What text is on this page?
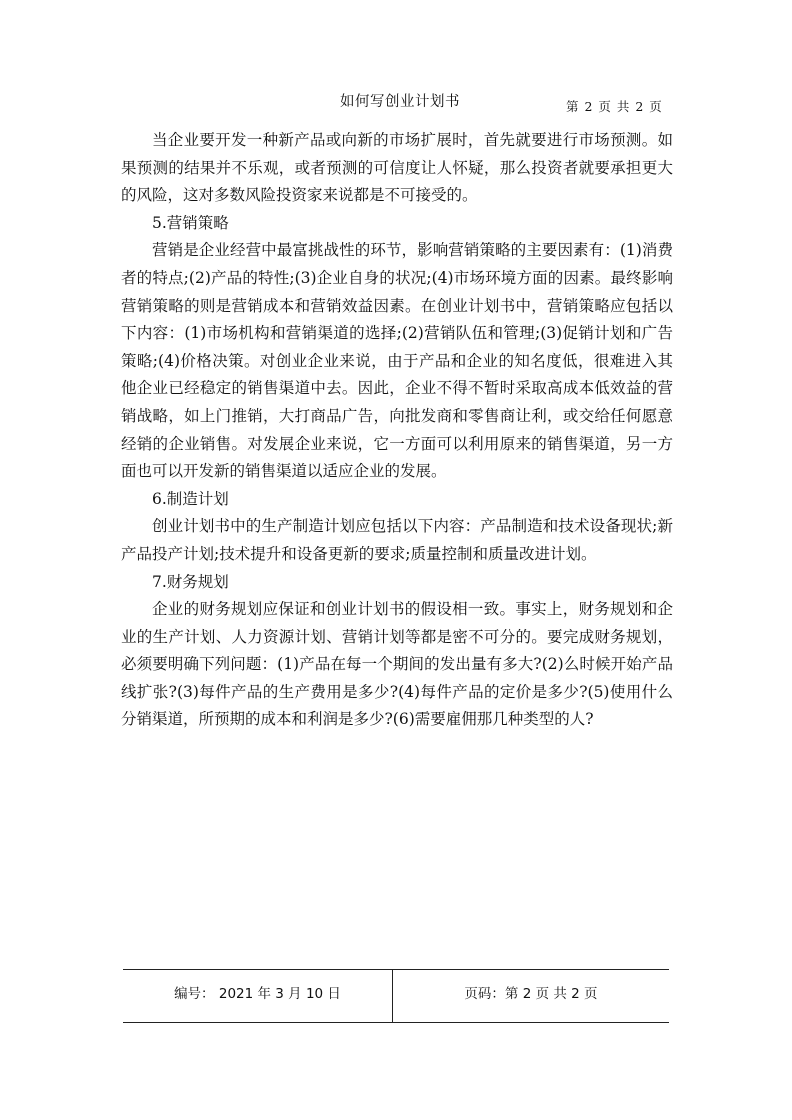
如何写创业计划书	第 2 页 共 2 页

当企业要开发一种新产品或向新的市场扩展时，首先就要进行市场预测。如果预测的结果并不乐观，或者预测的可信度让人怀疑，那么投资者就要承担更大的风险，这对多数风险投资家来说都是不可接受的。

5.营销策略

营销是企业经营中最富挑战性的环节，影响营销策略的主要因素有：(1)消费者的特点;(2)产品的特性;(3)企业自身的状况;(4)市场环境方面的因素。最终影响营销策略的则是营销成本和营销效益因素。在创业计划书中，营销策略应包括以下内容：(1)市场机构和营销渠道的选择;(2)营销队伍和管理;(3)促销计划和广告策略;(4)价格决策。对创业企业来说，由于产品和企业的知名度低，很难进入其他企业已经稳定的销售渠道中去。因此，企业不得不暂时采取高成本低效益的营销战略，如上门推销，大打商品广告，向批发商和零售商让利，或交给任何愿意经销的企业销售。对发展企业来说，它一方面可以利用原来的销售渠道，另一方面也可以开发新的销售渠道以适应企业的发展。

6.制造计划

创业计划书中的生产制造计划应包括以下内容：产品制造和技术设备现状;新产品投产计划;技术提升和设备更新的要求;质量控制和质量改进计划。

7.财务规划

企业的财务规划应保证和创业计划书的假设相一致。事实上，财务规划和企业的生产计划、人力资源计划、营销计划等都是密不可分的。要完成财务规划，必须要明确下列问题：(1)产品在每一个期间的发出量有多大?(2)么时候开始产品线扩张?(3)每件产品的生产费用是多少?(4)每件产品的定价是多少?(5)使用什么分销渠道，所预期的成本和利润是多少?(6)需要雇佣那几种类型的人?

编号： 2021 年 3 月 10 日	页码：第 2 页 共 2 页
